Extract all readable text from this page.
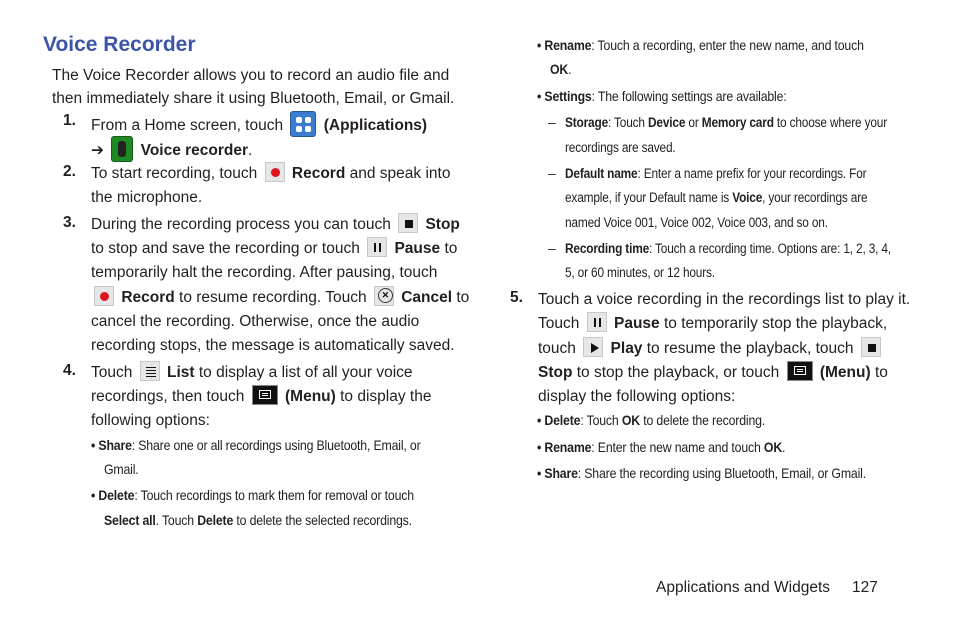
Voice Recorder
The Voice Recorder allows you to record an audio file and
then immediately share it using Bluetooth, Email, or Gmail.
1. From a Home screen, touch	(Applications)
➔ Voice recorder.
2. To start recording, touch Record and speak into
the microphone.
3. During the recording process you can touch Stop
to stop and save the recording or touch Pause to
temporarily halt the recording. After pausing, touch
Record to resume recording. Touch ✕ Cancel to
cancel the recording. Otherwise, once the audio
recording stops, the message is automatically saved.
4. Touch List to display a list of all your voice
recordings, then touch	(Menu) to display the
following options:
• Share: Share one or all recordings using Bluetooth, Email, or
Gmail.
• Delete: Touch recordings to mark them for removal or touch
Select all. Touch Delete to delete the selected recordings.
• Rename: Touch a recording, enter the new name, and touch
OK.
• Settings: The following settings are available:
– Storage: Touch Device or Memory card to choose where your
recordings are saved.
– Default name: Enter a name prefix for your recordings. For
example, if your Default name is Voice, your recordings are
named Voice 001, Voice 002, Voice 003, and so on.
– Recording time: Touch a recording time. Options are: 1, 2, 3, 4,
5, or 60 minutes, or 12 hours.
5. Touch a voice recording in the recordings list to play it.
Touch Pause to temporarily stop the playback,
touch Play to resume the playback, touch
Stop to stop the playback, or touch	(Menu) to
display the following options:
• Delete: Touch OK to delete the recording.
• Rename: Enter the new name and touch OK.
• Share: Share the recording using Bluetooth, Email, or Gmail.
Applications and Widgets 127
